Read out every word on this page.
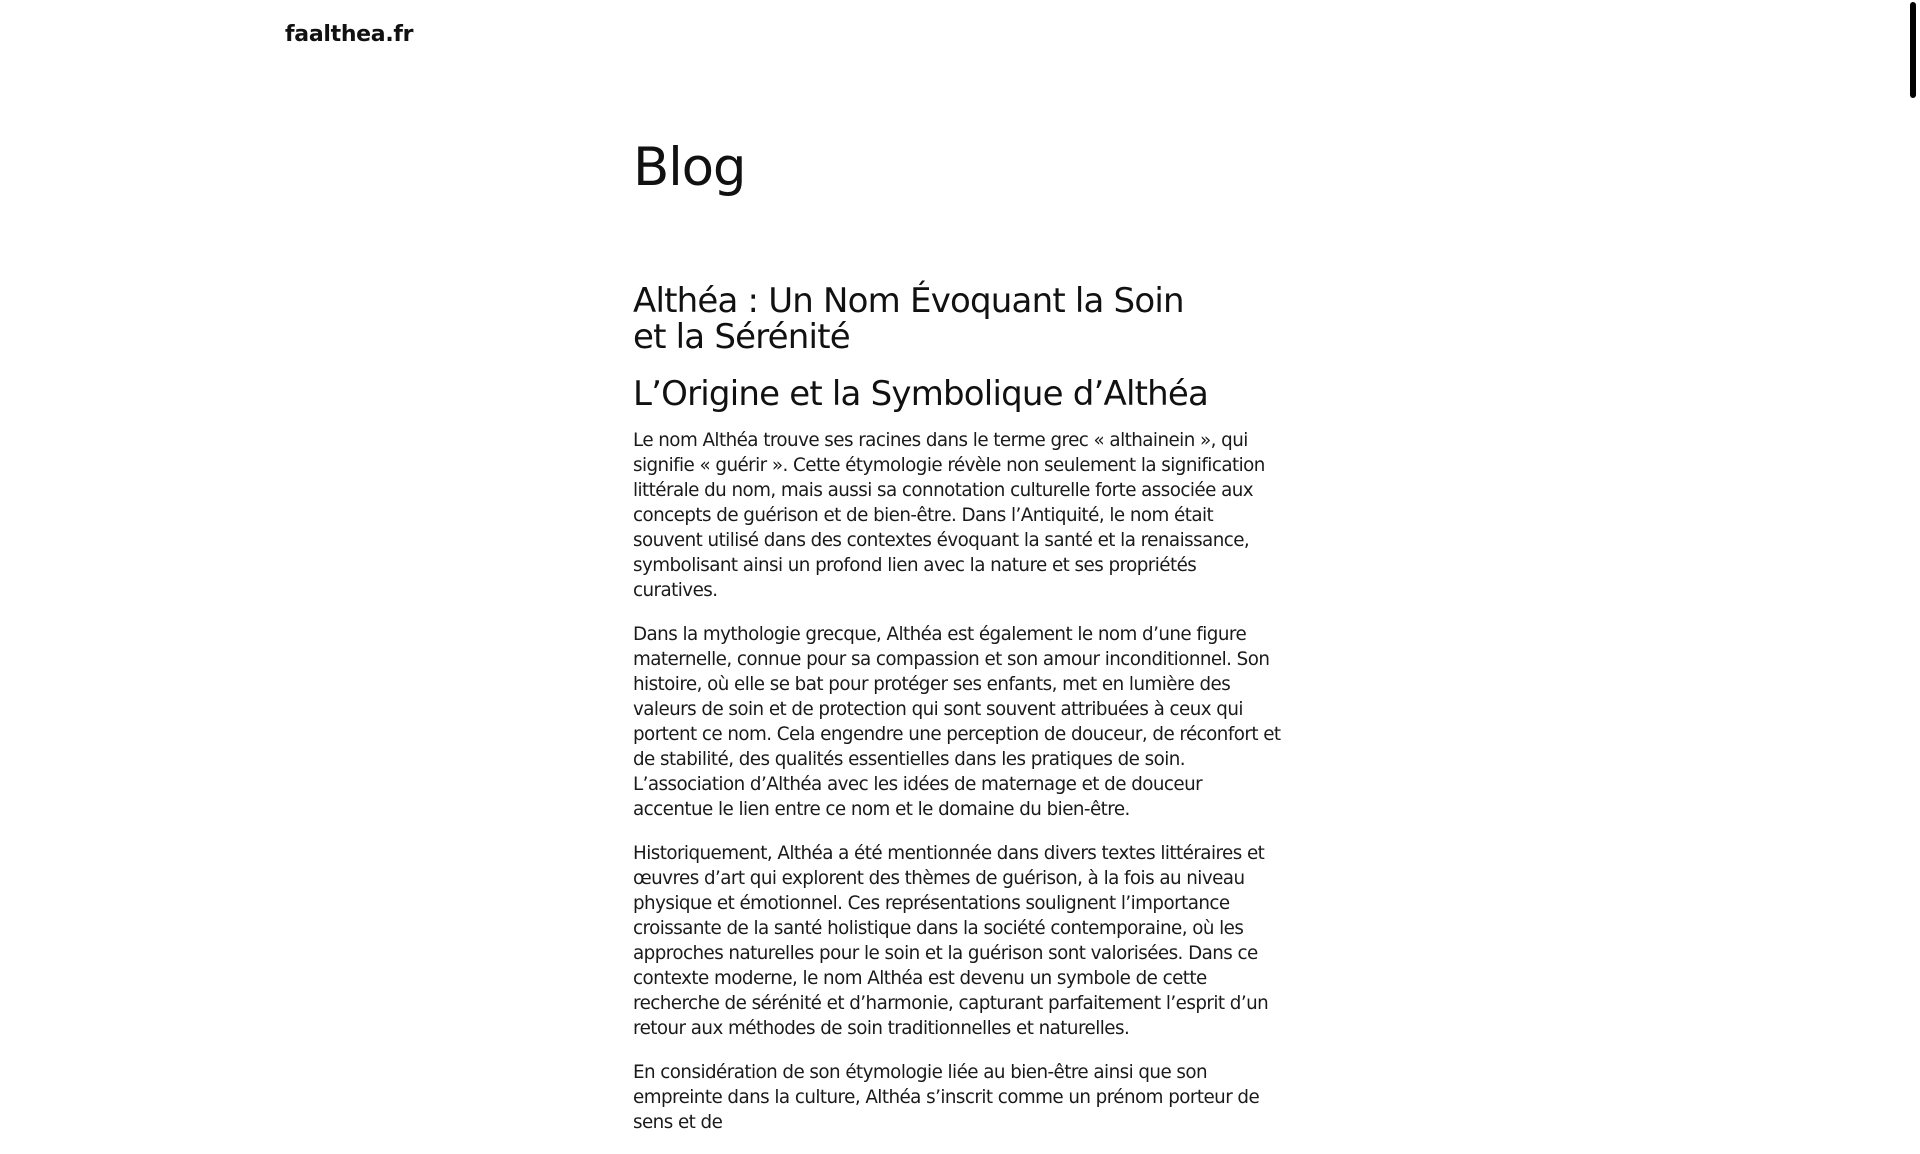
faalthea.fr
Blog
Althéa : Un Nom Évoquant la Soin et la Sérénité
L’Origine et la Symbolique d’Althéa

Le nom Althéa trouve ses racines dans le terme grec « althainein », qui signifie « guérir ». Cette étymologie révèle non seulement la signification littérale du nom, mais aussi sa connotation culturelle forte associée aux concepts de guérison et de bien-être. Dans l’Antiquité, le nom était souvent utilisé dans des contextes évoquant la santé et la renaissance, symbolisant ainsi un profond lien avec la nature et ses propriétés curatives.

Dans la mythologie grecque, Althéa est également le nom d’une figure maternelle, connue pour sa compassion et son amour inconditionnel. Son histoire, où elle se bat pour protéger ses enfants, met en lumière des valeurs de soin et de protection qui sont souvent attribuées à ceux qui portent ce nom. Cela engendre une perception de douceur, de réconfort et de stabilité, des qualités essentielles dans les pratiques de soin. L’association d’Althéa avec les idées de maternage et de douceur accentue le lien entre ce nom et le domaine du bien-être.

Historiquement, Althéa a été mentionnée dans divers textes littéraires et œuvres d’art qui explorent des thèmes de guérison, à la fois au niveau physique et émotionnel. Ces représentations soulignent l’importance croissante de la santé holistique dans la société contemporaine, où les approches naturelles pour le soin et la guérison sont valorisées. Dans ce contexte moderne, le nom Althéa est devenu un symbole de cette recherche de sérénité et d’harmonie, capturant parfaitement l’esprit d’un retour aux méthodes de soin traditionnelles et naturelles.

En considération de son étymologie liée au bien-être ainsi que son empreinte dans la culture, Althéa s’inscrit comme un prénom porteur de sens et de
